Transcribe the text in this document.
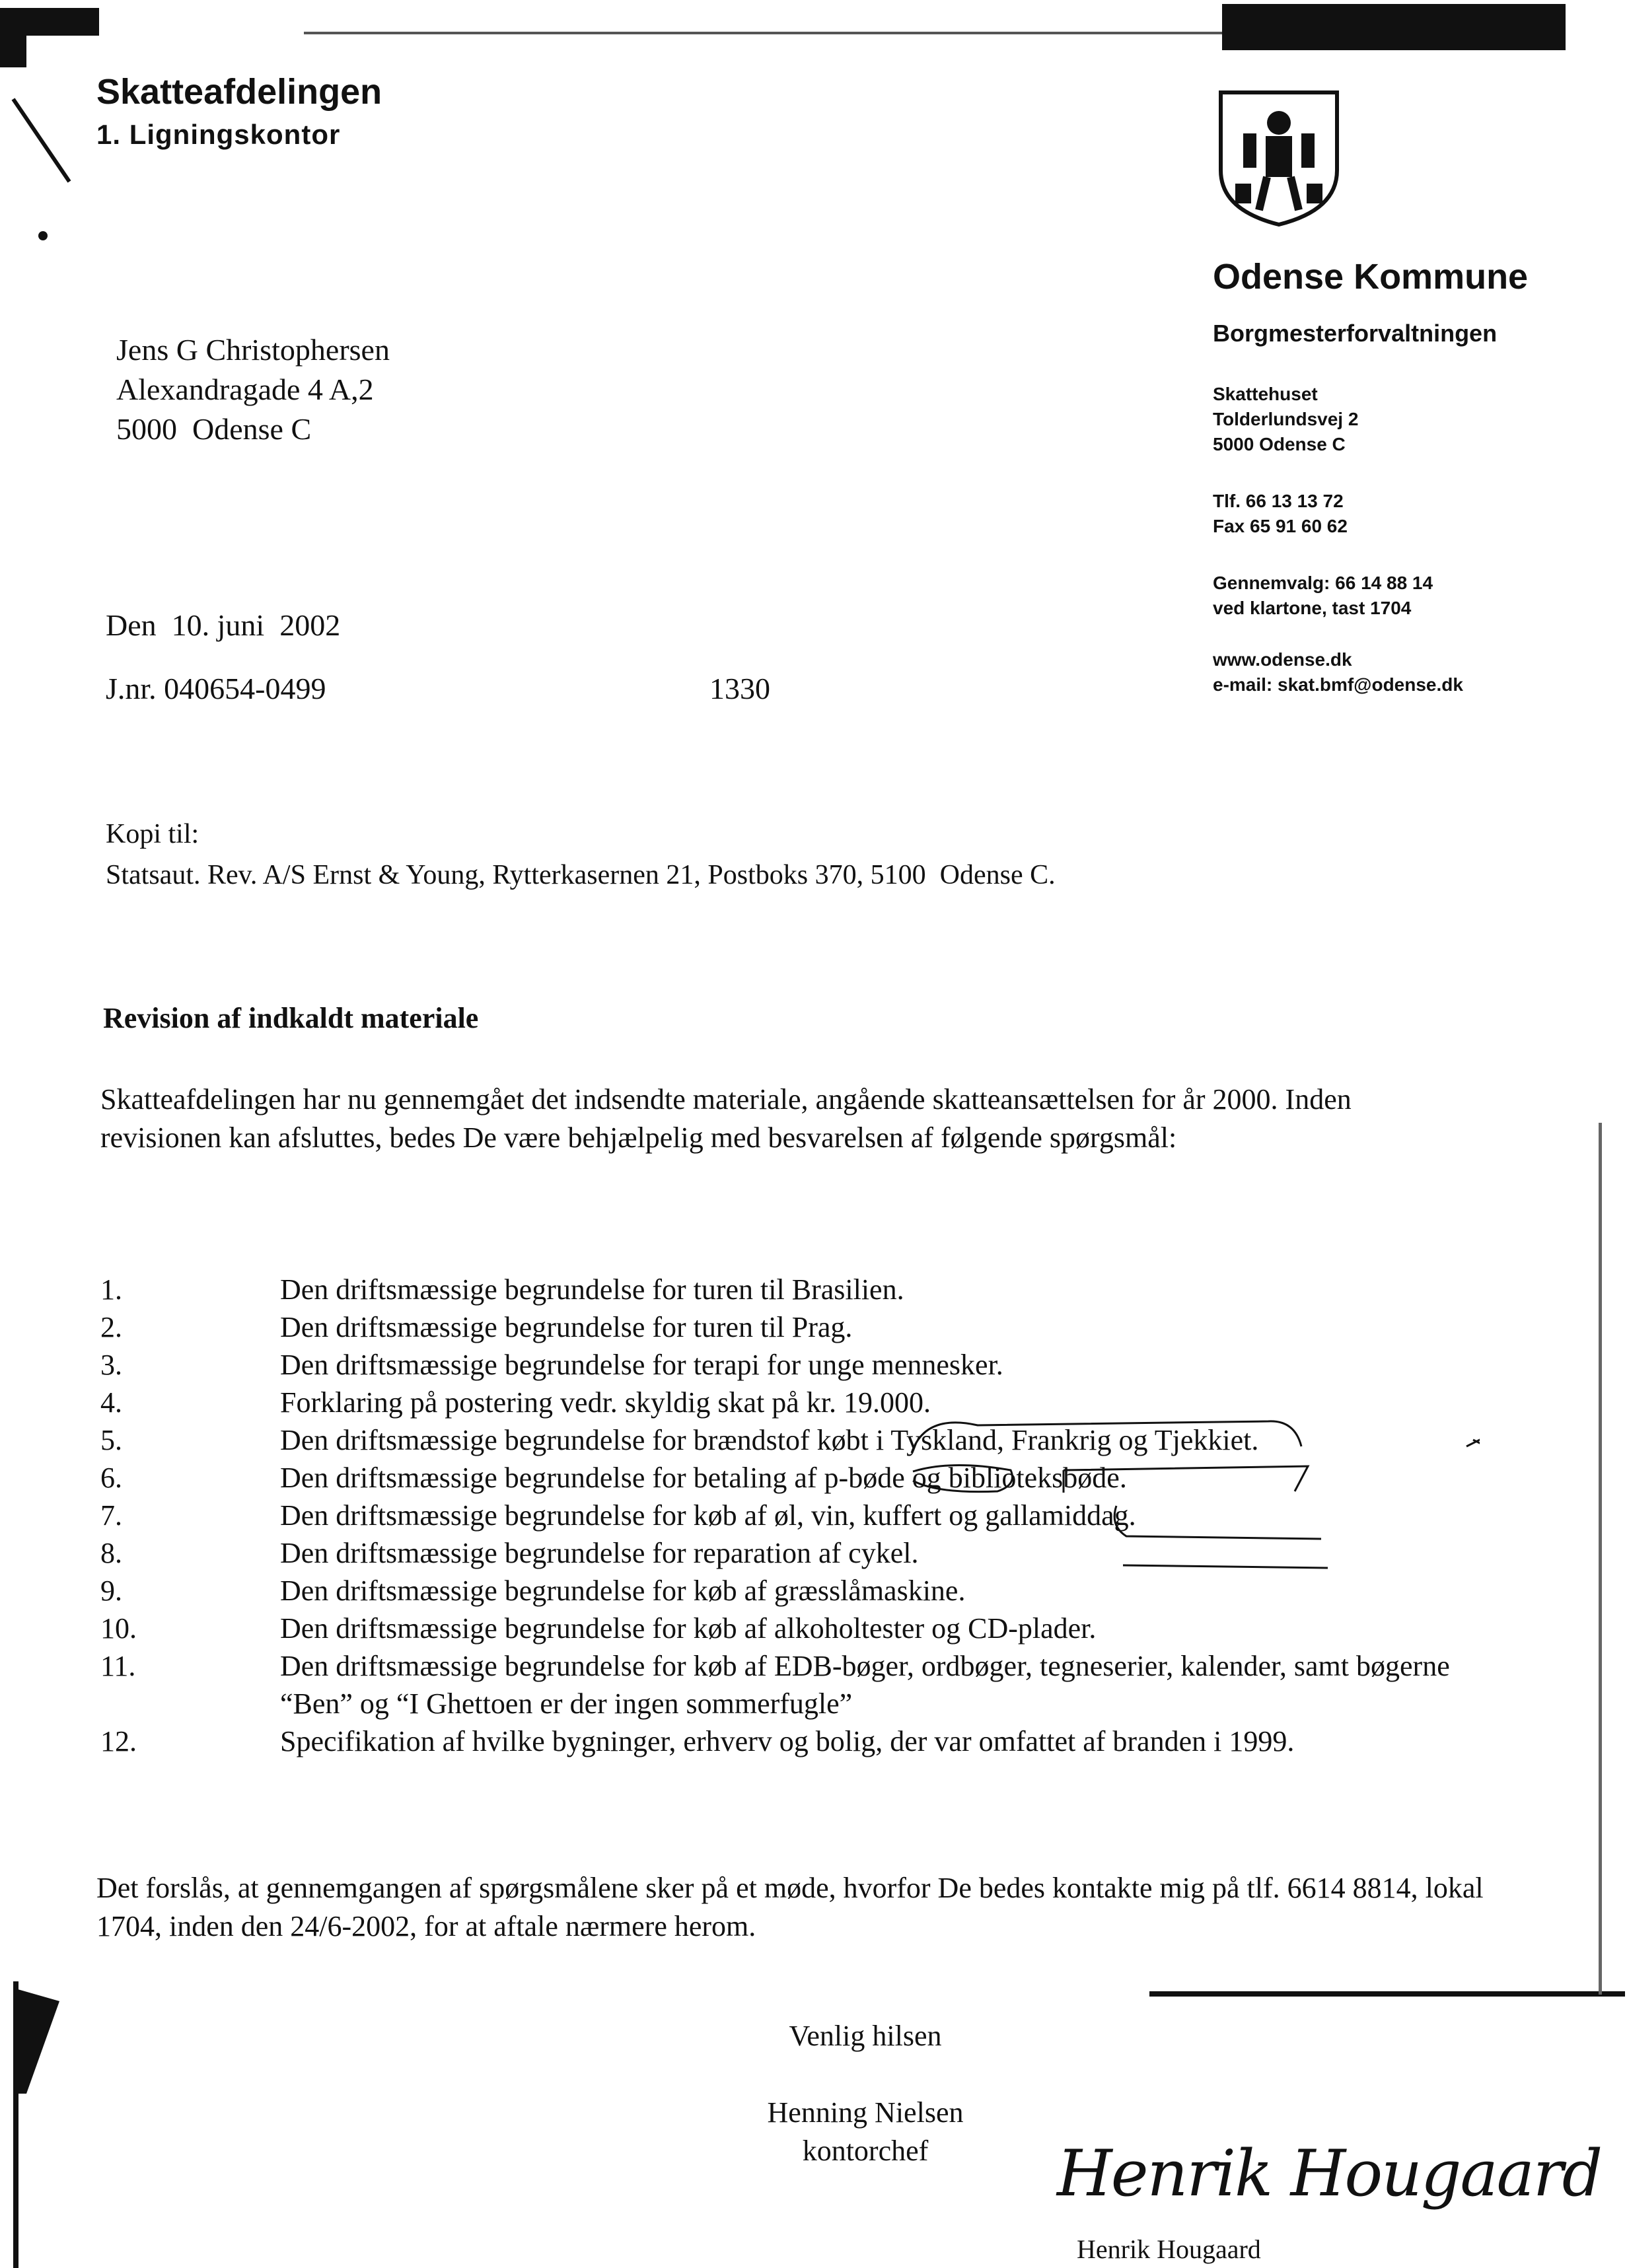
Skatteafdelingen
1. Ligningskontor
Odense Kommune
Borgmesterforvaltningen
Skattehuset
Tolderlundsvej 2
5000 Odense C
Tlf. 66 13 13 72
Fax 65 91 60 62
Gennemvalg: 66 14 88 14
ved klartone, tast 1704
www.odense.dk
e-mail: skat.bmf@odense.dk
Jens G Christophersen
Alexandragade 4 A,2
5000  Odense C
Den  10. juni  2002
J.nr. 040654-0499	1330
Kopi til:
Statsaut. Rev. A/S Ernst & Young, Rytterkasernen 21, Postboks 370, 5100  Odense C.
Revision af indkaldt materiale
Skatteafdelingen har nu gennemgået det indsendte materiale, angående skatteansættelsen for år 2000. Inden revisionen kan afsluttes, bedes De være behjælpelig med besvarelsen af følgende spørgsmål:
1.	Den driftsmæssige begrundelse for turen til Brasilien.
2.	Den driftsmæssige begrundelse for turen til Prag.
3.	Den driftsmæssige begrundelse for terapi for unge mennesker.
4.	Forklaring på postering vedr. skyldig skat på kr. 19.000.
5.	Den driftsmæssige begrundelse for brændstof købt i Tyskland, Frankrig og Tjekkiet.
6.	Den driftsmæssige begrundelse for betaling af p-bøde og biblioteksbøde.
7.	Den driftsmæssige begrundelse for køb af øl, vin, kuffert og gallamiddag.
8.	Den driftsmæssige begrundelse for reparation af cykel.
9.	Den driftsmæssige begrundelse for køb af græsslåmaskine.
10.	Den driftsmæssige begrundelse for køb af alkoholtester og CD-plader.
11.	Den driftsmæssige begrundelse for køb af EDB-bøger, ordbøger, tegneserier, kalender, samt bøgerne “Ben” og “I Ghettoen er der ingen sommerfugle”
12.	Specifikation af hvilke bygninger, erhverv og bolig, der var omfattet af branden i 1999.
Det forslås, at gennemgangen af spørgsmålene sker på et møde, hvorfor De bedes kontakte mig på tlf. 6614 8814, lokal 1704, inden den 24/6-2002, for at aftale nærmere herom.
Venlig hilsen
Henning Nielsen
kontorchef	Henrik Hougaard
Henrik Hougaard
